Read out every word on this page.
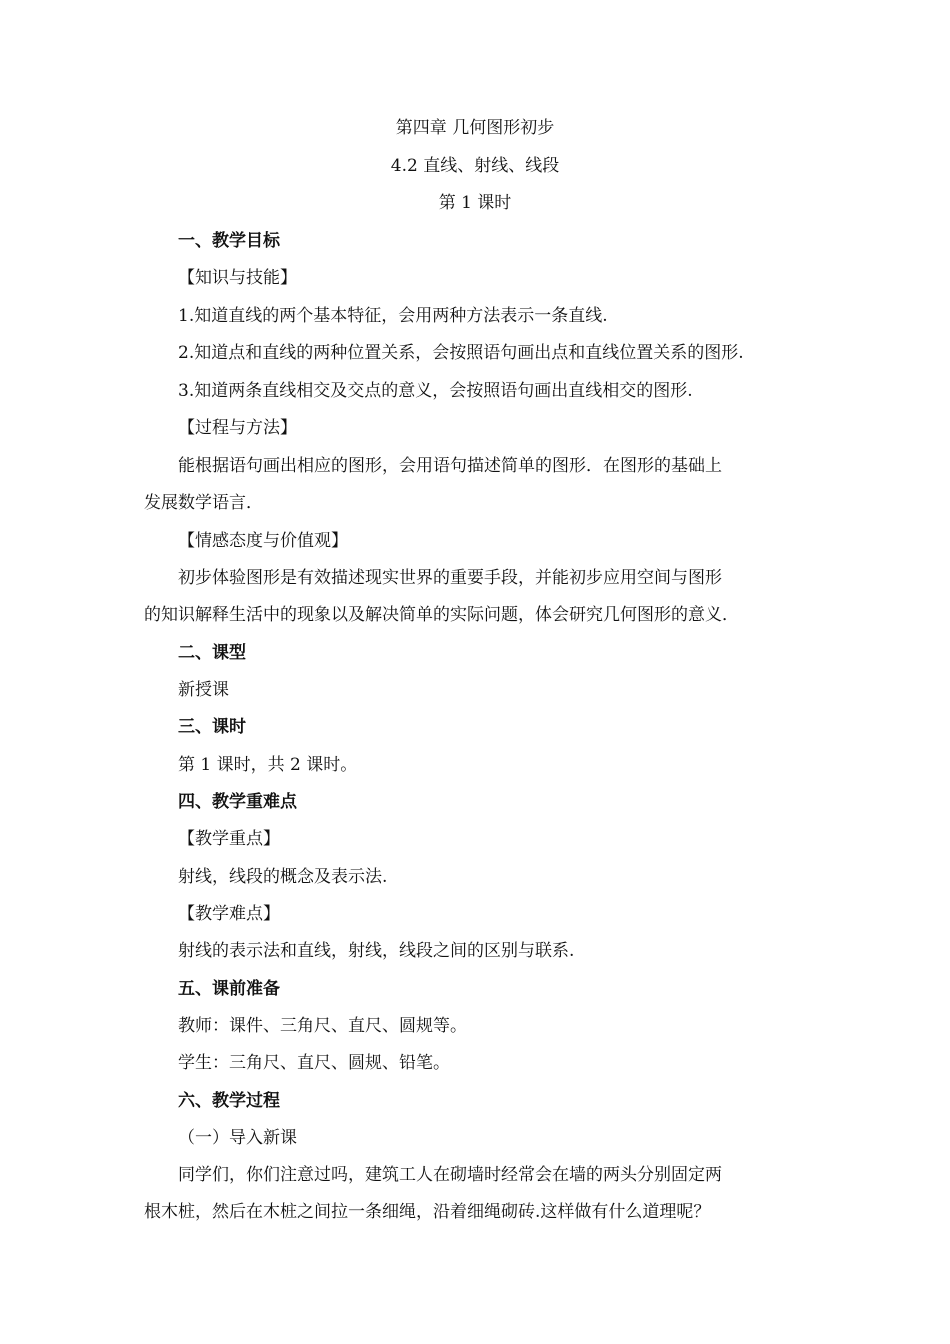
第四章 几何图形初步
4.2 直线、射线、线段
第 1 课时
一、教学目标
【知识与技能】
1.知道直线的两个基本特征，会用两种方法表示一条直线.
2.知道点和直线的两种位置关系，会按照语句画出点和直线位置关系的图形.
3.知道两条直线相交及交点的意义，会按照语句画出直线相交的图形.
【过程与方法】
能根据语句画出相应的图形，会用语句描述简单的图形．在图形的基础上
发展数学语言．
【情感态度与价值观】
初步体验图形是有效描述现实世界的重要手段，并能初步应用空间与图形
的知识解释生活中的现象以及解决简单的实际问题，体会研究几何图形的意义．
二、课型
新授课
三、课时
第 1 课时，共 2 课时。
四、教学重难点
【教学重点】
射线，线段的概念及表示法.
【教学难点】
射线的表示法和直线，射线，线段之间的区别与联系.
五、课前准备
教师：课件、三角尺、直尺、圆规等。
学生：三角尺、直尺、圆规、铅笔。
六、教学过程
（一）导入新课
同学们，你们注意过吗，建筑工人在砌墙时经常会在墙的两头分别固定两
根木桩，然后在木桩之间拉一条细绳，沿着细绳砌砖.这样做有什么道理呢？
